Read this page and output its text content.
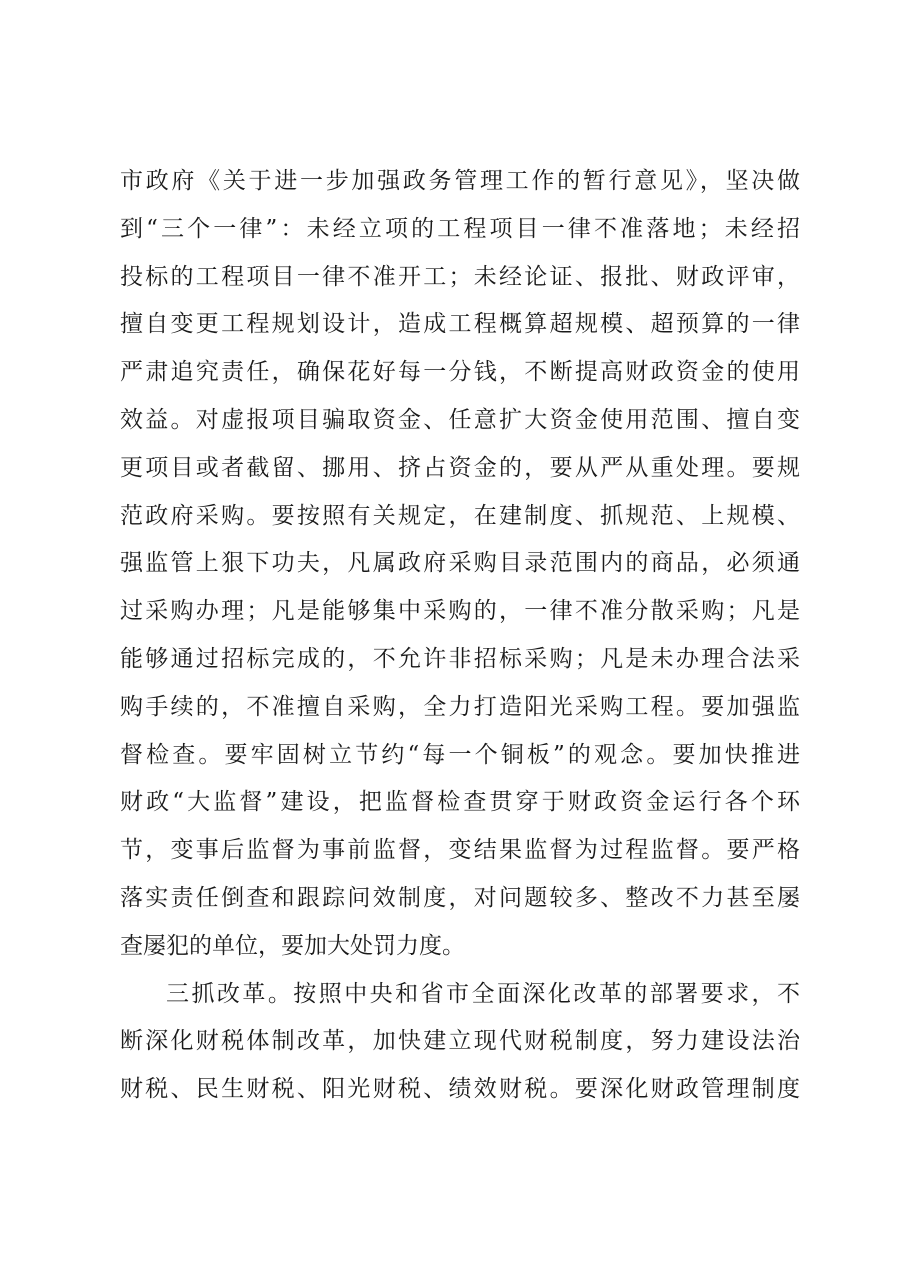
市政府《关于进一步加强政务管理工作的暂行意见》，坚决做
到“三个一律”：未经立项的工程项目一律不准落地；未经招
投标的工程项目一律不准开工；未经论证、报批、财政评审，
擅自变更工程规划设计，造成工程概算超规模、超预算的一律
严肃追究责任，确保花好每一分钱，不断提高财政资金的使用
效益。对虚报项目骗取资金、任意扩大资金使用范围、擅自变
更项目或者截留、挪用、挤占资金的，要从严从重处理。要规
范政府采购。要按照有关规定，在建制度、抓规范、上规模、
强监管上狠下功夫，凡属政府采购目录范围内的商品，必须通
过采购办理；凡是能够集中采购的，一律不准分散采购；凡是
能够通过招标完成的，不允许非招标采购；凡是未办理合法采
购手续的，不准擅自采购，全力打造阳光采购工程。要加强监
督检查。要牢固树立节约“每一个铜板”的观念。要加快推进
财政“大监督”建设，把监督检查贯穿于财政资金运行各个环
节，变事后监督为事前监督，变结果监督为过程监督。要严格
落实责任倒查和跟踪问效制度，对问题较多、整改不力甚至屡
查屡犯的单位，要加大处罚力度。
三抓改革。按照中央和省市全面深化改革的部署要求，不
断深化财税体制改革，加快建立现代财税制度，努力建设法治
财税、民生财税、阳光财税、绩效财税。要深化财政管理制度
